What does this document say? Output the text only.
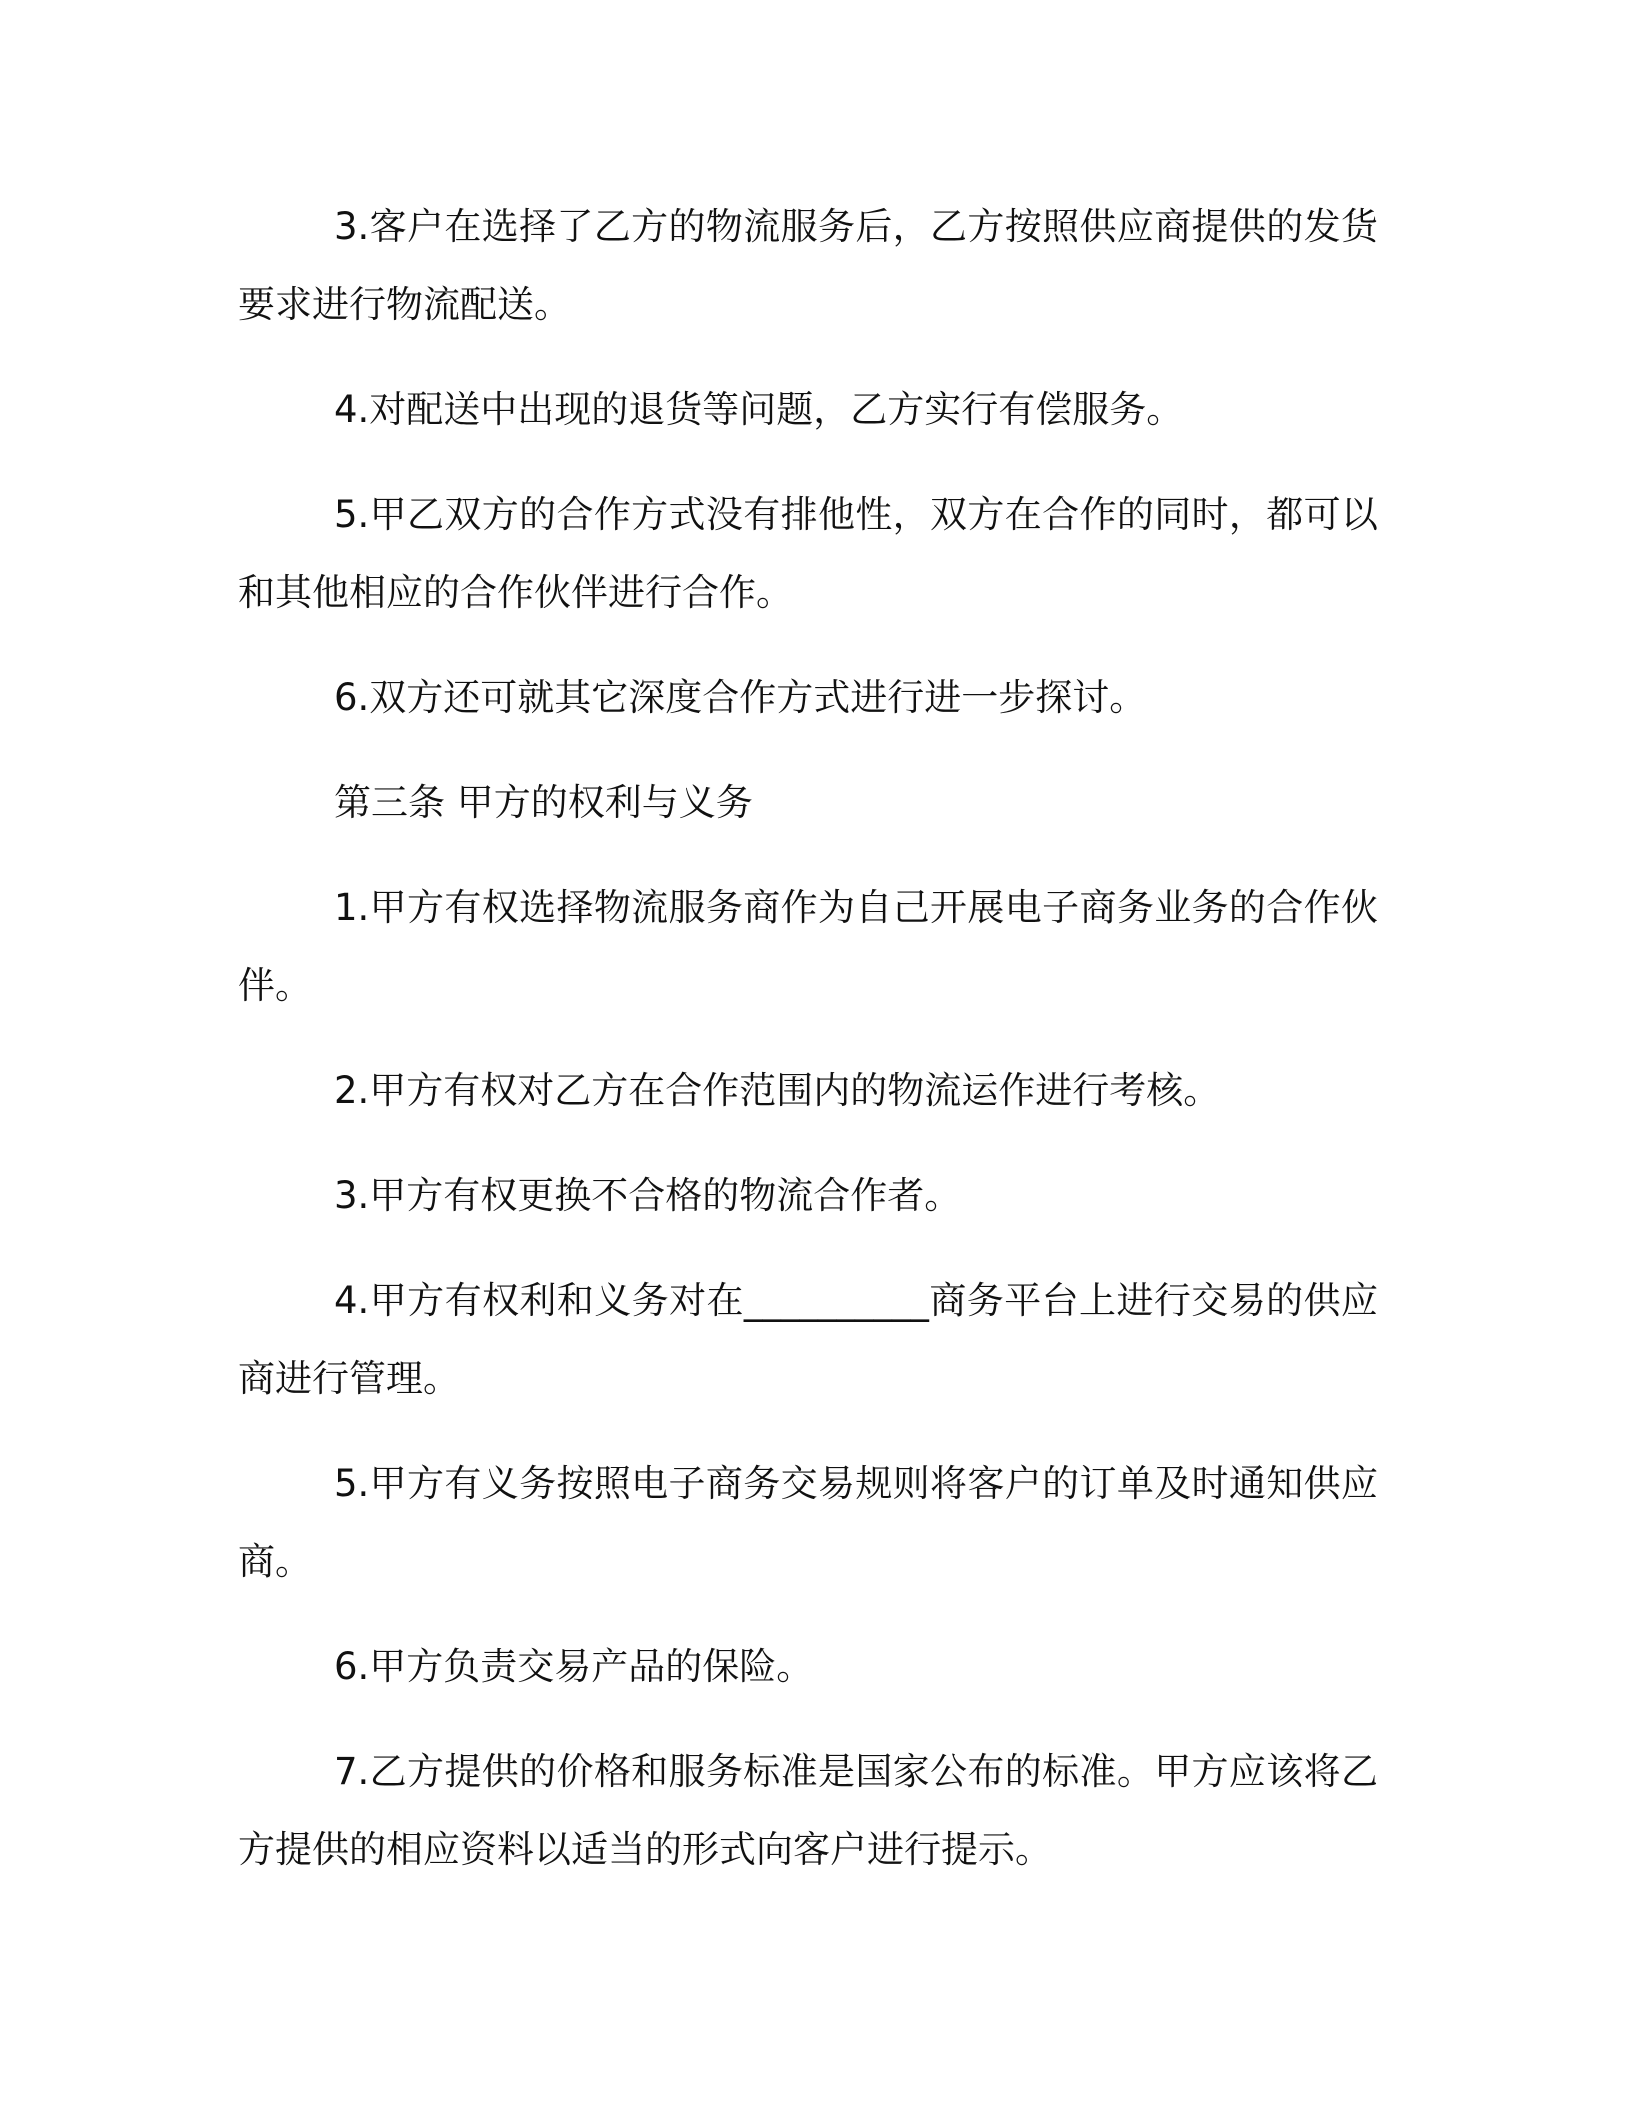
3.客户在选择了乙方的物流服务后，乙方按照供应商提供的发货要求进行物流配送。

4.对配送中出现的退货等问题，乙方实行有偿服务。

5.甲乙双方的合作方式没有排他性，双方在合作的同时，都可以和其他相应的合作伙伴进行合作。

6.双方还可就其它深度合作方式进行进一步探讨。

第三条 甲方的权利与义务

1.甲方有权选择物流服务商作为自己开展电子商务业务的合作伙伴。

2.甲方有权对乙方在合作范围内的物流运作进行考核。

3.甲方有权更换不合格的物流合作者。

4.甲方有权利和义务对在__________商务平台上进行交易的供应商进行管理。

5.甲方有义务按照电子商务交易规则将客户的订单及时通知供应商。

6.甲方负责交易产品的保险。

7.乙方提供的价格和服务标准是国家公布的标准。甲方应该将乙方提供的相应资料以适当的形式向客户进行提示。
